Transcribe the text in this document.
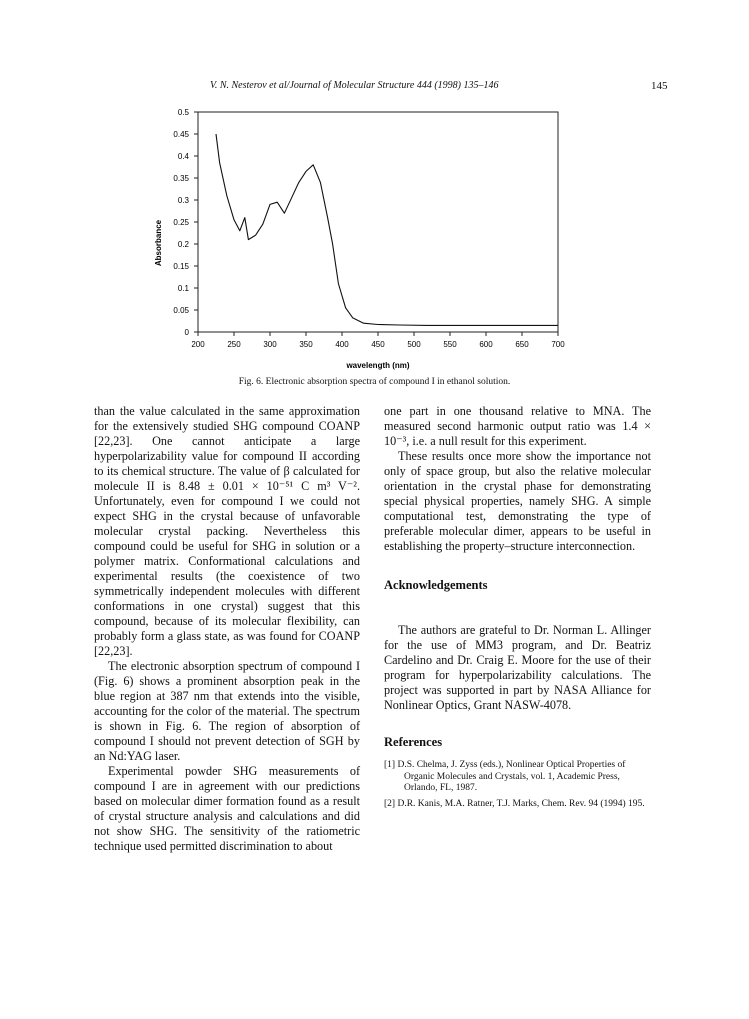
V. N. Nesterov et al/Journal of Molecular Structure 444 (1998) 135–146	145
0
0.05
0.1
0.15
0.2
0.25
0.3
0.35
0.4
0.45
0.5
200	250	300	350	400	450	500	550	600	650	700
Absorbance
wavelength (nm)
Fig. 6. Electronic absorption spectra of compound I in ethanol solution.

than the value calculated in the same approximation for the extensively studied SHG compound COANP [22,23]. One cannot anticipate a large hyperpolarizability value for compound II according to its chemical structure. The value of β calculated for molecule II is 8.48 ± 0.01 × 10⁻⁵¹ C m³ V⁻². Unfortunately, even for compound I we could not expect SHG in the crystal because of unfavorable molecular crystal packing. Nevertheless this compound could be useful for SHG in solution or a polymer matrix. Conformational calculations and experimental results (the coexistence of two symmetrically independent molecules with different conformations in one crystal) suggest that this compound, because of its molecular flexibility, can probably form a glass state, as was found for COANP [22,23].

The electronic absorption spectrum of compound I (Fig. 6) shows a prominent absorption peak in the blue region at 387 nm that extends into the visible, accounting for the color of the material. The spectrum is shown in Fig. 6. The region of absorption of compound I should not prevent detection of SGH by an Nd:YAG laser.

Experimental powder SHG measurements of compound I are in agreement with our predictions based on molecular dimer formation found as a result of crystal structure analysis and calculations and did not show SHG. The sensitivity of the ratiometric technique used permitted discrimination to about

one part in one thousand relative to MNA. The measured second harmonic output ratio was 1.4 × 10⁻³, i.e. a null result for this experiment.

These results once more show the importance not only of space group, but also the relative molecular orientation in the crystal phase for demonstrating special physical properties, namely SHG. A simple computational test, demonstrating the type of preferable molecular dimer, appears to be useful in establishing the property–structure interconnection.

Acknowledgements

The authors are grateful to Dr. Norman L. Allinger for the use of MM3 program, and Dr. Beatriz Cardelino and Dr. Craig E. Moore for the use of their program for hyperpolarizability calculations. The project was supported in part by NASA Alliance for Nonlinear Optics, Grant NASW-4078.

References

[1] D.S. Chelma, J. Zyss (eds.), Nonlinear Optical Properties of Organic Molecules and Crystals, vol. 1, Academic Press, Orlando, FL, 1987.
[2] D.R. Kanis, M.A. Ratner, T.J. Marks, Chem. Rev. 94 (1994) 195.
